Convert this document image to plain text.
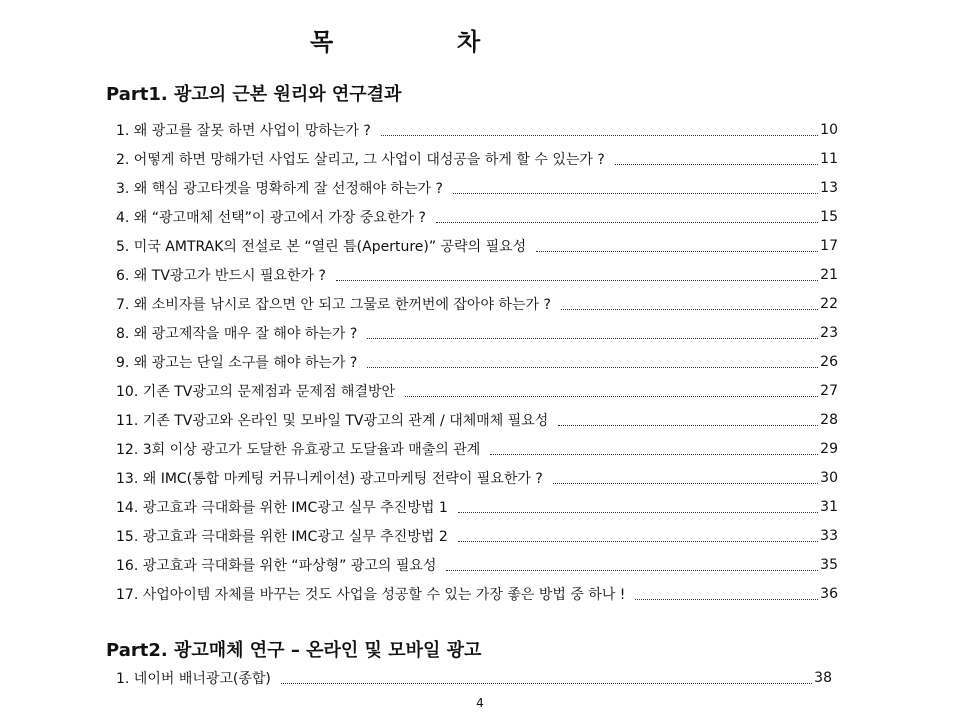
목	차
Part1. 광고의 근본 원리와 연구결과
1. 왜 광고를 잘못 하면 사업이 망하는가 ?	10
2. 어떻게 하면 망해가던 사업도 살리고, 그 사업이 대성공을 하게 할 수 있는가 ?	11
3. 왜 핵심 광고타겟을 명확하게 잘 선정해야 하는가 ?	13
4. 왜 “광고매체 선택”이 광고에서 가장 중요한가 ?	15
5. 미국 AMTRAK의 전설로 본 “열린 틈(Aperture)” 공략의 필요성	17
6. 왜 TV광고가 반드시 필요한가 ?	21
7. 왜 소비자를 낚시로 잡으면 안 되고 그물로 한꺼번에 잡아야 하는가 ?	22
8. 왜 광고제작을 매우 잘 해야 하는가 ?	23
9. 왜 광고는 단일 소구를 해야 하는가 ?	26
10. 기존 TV광고의 문제점과 문제점 해결방안	27
11. 기존 TV광고와 온라인 및 모바일 TV광고의 관계 / 대체매체 필요성	28
12. 3회 이상 광고가 도달한 유효광고 도달율과 매출의 관계	29
13. 왜 IMC(통합 마케팅 커뮤니케이션) 광고마케팅 전략이 필요한가 ?	30
14. 광고효과 극대화를 위한 IMC광고 실무 추진방법 1	31
15. 광고효과 극대화를 위한 IMC광고 실무 추진방법 2	33
16. 광고효과 극대화를 위한 “파상형” 광고의 필요성	35
17. 사업아이템 자체를 바꾸는 것도 사업을 성공할 수 있는 가장 좋은 방법 중 하나 !	36
Part2. 광고매체 연구 – 온라인 및 모바일 광고
1. 네이버 배너광고(종합)	38
4
